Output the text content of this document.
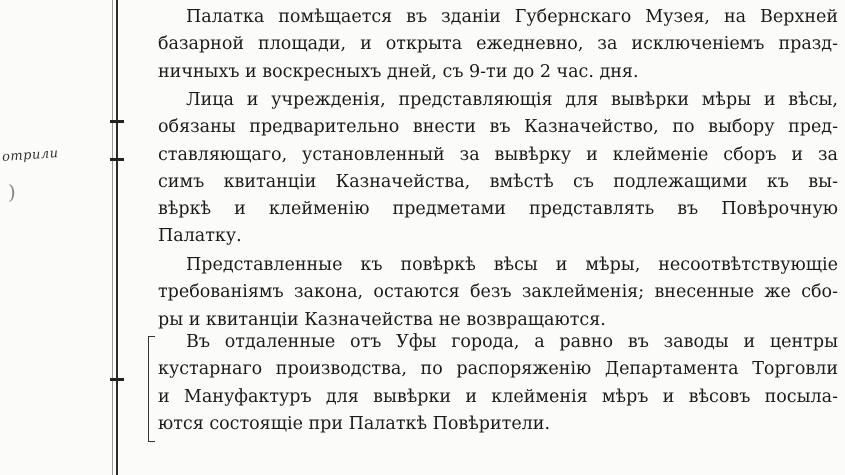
отрили
)
Палатка помѣщается въ зданіи Губернскаго Музея, на Верхней
базарной площади, и открыта ежедневно, за исключеніемъ празд-
ничныхъ и воскресныхъ дней, съ 9-ти до 2 час. дня.
Лица и учрежденія, представляющія для вывѣрки мѣры и вѣсы,
обязаны предварительно внести въ Казначейство, по выбору пред-
ставляющаго, установленный за вывѣрку и клейменіе сборъ и за
симъ квитанціи Казначейства, вмѣстѣ съ подлежащими къ вы-
вѣркѣ и клейменію предметами представлять въ Повѣрочную
Палатку.
Представленные къ повѣркѣ вѣсы и мѣры, несоотвѣтствующіе
требованіямъ закона, остаются безъ заклейменія; внесенные же сбо-
ры и квитанціи Казначейства не возвращаются.
Въ отдаленные отъ Уфы города, а равно въ заводы и центры
кустарнаго производства, по распоряженію Департамента Торговли
и Мануфактуръ для вывѣрки и клейменія мѣръ и вѣсовъ посыла-
ются состоящіе при Палаткѣ Повѣрители.
